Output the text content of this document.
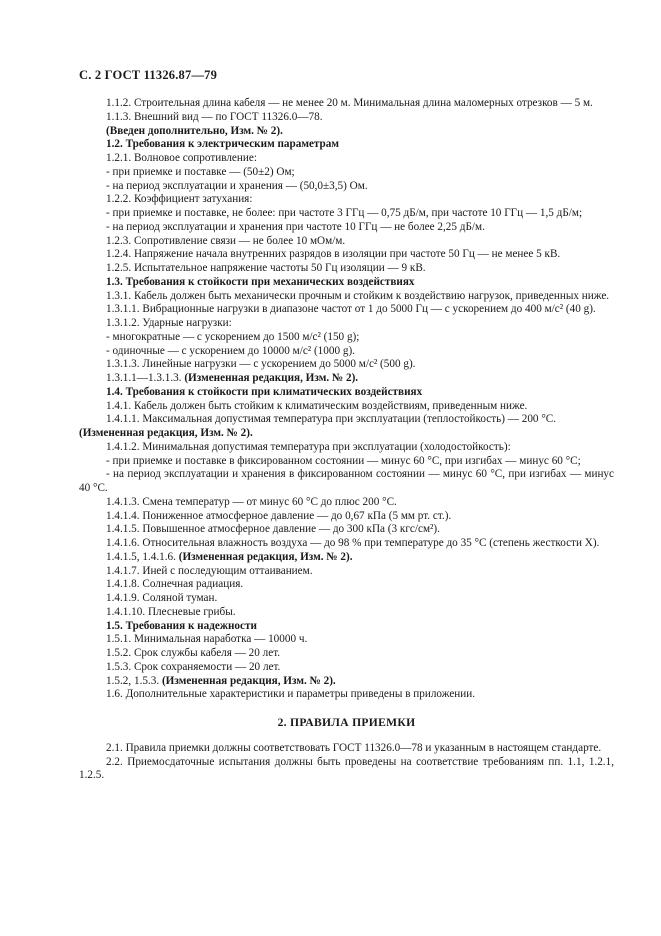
С. 2 ГОСТ 11326.87—79

1.1.2. Строительная длина кабеля — не менее 20 м. Минимальная длина маломерных отрезков — 5 м.

1.1.3. Внешний вид — по ГОСТ 11326.0—78.

(Введен дополнительно, Изм. № 2).

1.2. Требования к электрическим параметрам

1.2.1. Волновое сопротивление:

- при приемке и поставке — (50±2) Ом;

- на период эксплуатации и хранения — (50,0±3,5) Ом.

1.2.2. Коэффициент затухания:

- при приемке и поставке, не более: при частоте 3 ГГц — 0,75 дБ/м, при частоте 10 ГГц — 1,5 дБ/м;

- на период эксплуатации и хранения при частоте 10 ГГц — не более 2,25 дБ/м.

1.2.3. Сопротивление связи — не более 10 мОм/м.

1.2.4. Напряжение начала внутренних разрядов в изоляции при частоте 50 Гц — не менее 5 кВ.

1.2.5. Испытательное напряжение частоты 50 Гц изоляции — 9 кВ.

1.3. Требования к стойкости при механических воздействиях

1.3.1. Кабель должен быть механически прочным и стойким к воздействию нагрузок, приведенных ниже.

1.3.1.1. Вибрационные нагрузки в диапазоне частот от 1 до 5000 Гц — с ускорением до 400 м/с² (40 g).

1.3.1.2. Ударные нагрузки:

- многократные — с ускорением до 1500 м/с² (150 g);

- одиночные — с ускорением до 10000 м/с² (1000 g).

1.3.1.3. Линейные нагрузки — с ускорением до 5000 м/с² (500 g).

1.3.1.1—1.3.1.3. (Измененная редакция, Изм. № 2).

1.4. Требования к стойкости при климатических воздействиях

1.4.1. Кабель должен быть стойким к климатическим воздействиям, приведенным ниже.

1.4.1.1. Максимальная допустимая температура при эксплуатации (теплостойкость) — 200 °С.

(Измененная редакция, Изм. № 2).

1.4.1.2. Минимальная допустимая температура при эксплуатации (холодостойкость):

- при приемке и поставке в фиксированном состоянии — минус 60 °С, при изгибах — минус 60 °С;

- на период эксплуатации и хранения в фиксированном состоянии — минус 60 °С, при изгибах — минус 40 °С.

1.4.1.3. Смена температур — от минус 60 °С до плюс 200 °С.

1.4.1.4. Пониженное атмосферное давление — до 0,67 кПа (5 мм рт. ст.).

1.4.1.5. Повышенное атмосферное давление — до 300 кПа (3 кгс/см²).

1.4.1.6. Относительная влажность воздуха — до 98 % при температуре до 35 °С (степень жесткости X).

1.4.1.5, 1.4.1.6. (Измененная редакция, Изм. № 2).

1.4.1.7. Иней с последующим оттаиванием.

1.4.1.8. Солнечная радиация.

1.4.1.9. Соляной туман.

1.4.1.10. Плесневые грибы.

1.5. Требования к надежности

1.5.1. Минимальная наработка — 10000 ч.

1.5.2. Срок службы кабеля — 20 лет.

1.5.3. Срок сохраняемости — 20 лет.

1.5.2, 1.5.3. (Измененная редакция, Изм. № 2).

1.6. Дополнительные характеристики и параметры приведены в приложении.

2. ПРАВИЛА ПРИЕМКИ

2.1. Правила приемки должны соответствовать ГОСТ 11326.0—78 и указанным в настоящем стандарте.

2.2. Приемосдаточные испытания должны быть проведены на соответствие требованиям пп. 1.1, 1.2.1, 1.2.5.
